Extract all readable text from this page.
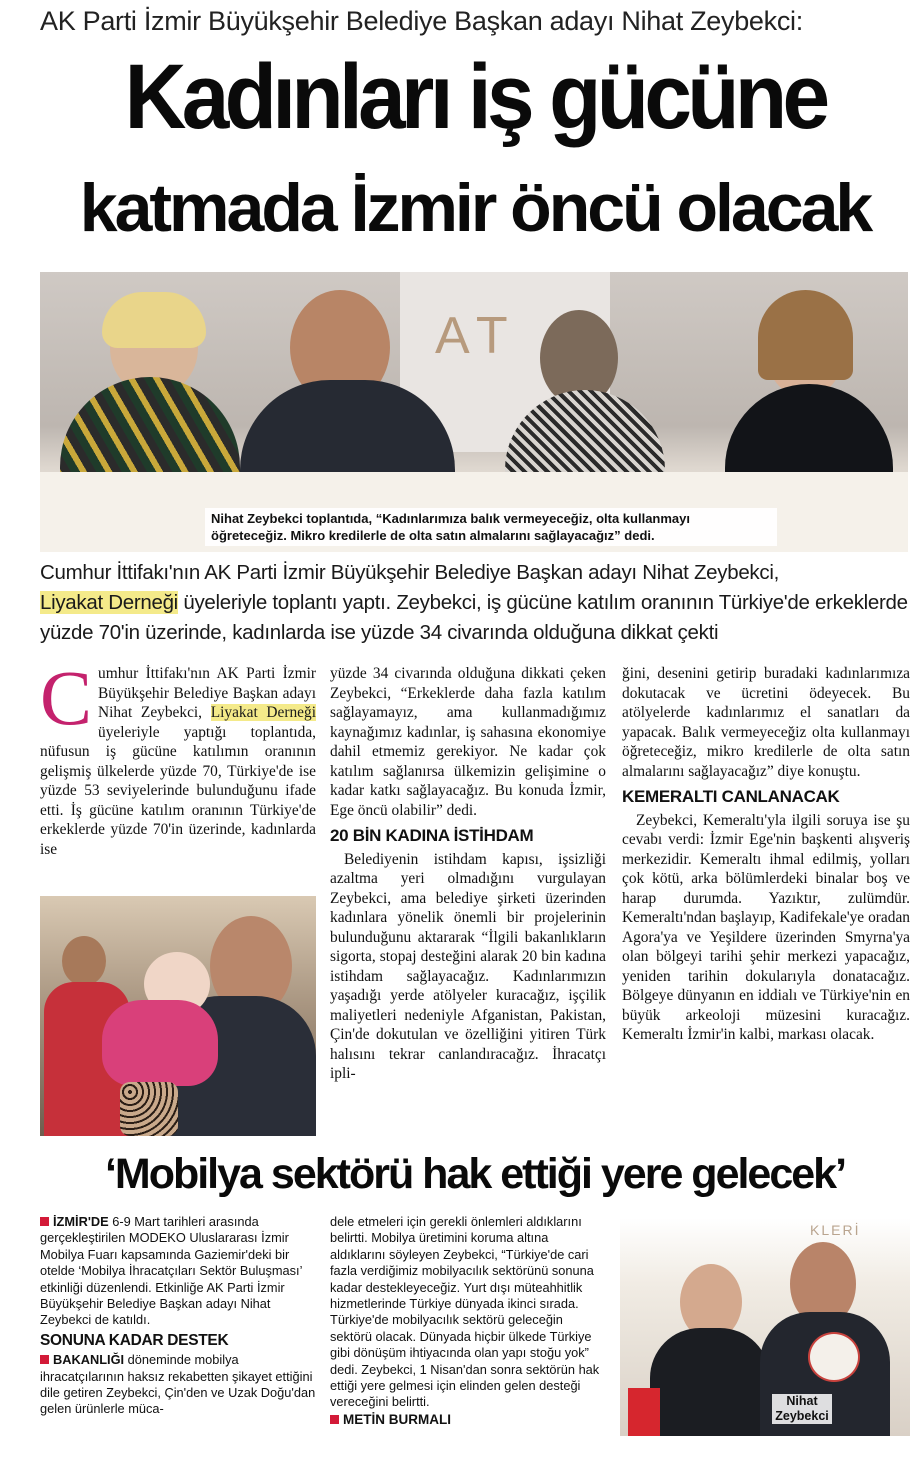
AK Parti İzmir Büyükşehir Belediye Başkan adayı Nihat Zeybekci:
Kadınları iş gücüne
katmada İzmir öncü olacak
AT
Nihat Zeybekci toplantıda, “Kadınlarımıza balık vermeyeceğiz, olta kullanmayı
öğreteceğiz. Mikro kredilerle de olta satın almalarını sağlayacağız” dedi.
Cumhur İttifakı'nın AK Parti İzmir Büyükşehir Belediye Başkan adayı Nihat Zeybekci,
Liyakat Derneği üyeleriyle toplantı yaptı. Zeybekci, iş gücüne katılım oranının Türkiye'de erkeklerde yüzde 70'in üzerinde, kadınlarda ise yüzde 34 civarında olduğuna dikkat çekti
Cumhur İttifakı'nın AK Parti İzmir Büyükşehir Belediye Başkan adayı Nihat Zeybekci, Liyakat Derneği üyeleriyle yaptığı toplantıda, nüfusun iş gücüne katılımın oranının gelişmiş ülkelerde yüzde 70, Türkiye'de ise yüzde 53 seviyelerinde bulunduğunu ifade etti. İş gücüne katılım oranının Türkiye'de erkeklerde yüzde 70'in üzerinde, kadınlarda ise
yüzde 34 civarında olduğuna dikkati çeken Zeybekci, “Erkeklerde daha fazla katılım sağlayamayız, ama kullanmadığımız kaynağımız kadınlar, iş sahasına ekonomiye dahil etmemiz gerekiyor. Ne kadar çok katılım sağlanırsa ülkemizin gelişimine o kadar katkı sağlayacağız. Bu konuda İzmir, Ege öncü olabilir” dedi.
20 BİN KADINA İSTİHDAM

Belediyenin istihdam kapısı, işsizliği azaltma yeri olmadığını vurgulayan Zeybekci, ama belediye şirketi üzerinden kadınlara yönelik önemli bir projelerinin bulunduğunu aktararak “İlgili bakanlıkların sigorta, stopaj desteğini alarak 20 bin kadına istihdam sağlayacağız. Kadınlarımızın yaşadığı yerde atölyeler kuracağız, işçilik maliyetleri nedeniyle Afganistan, Pakistan, Çin'de dokutulan ve özelliğini yitiren Türk halısını tekrar canlandıracağız. İhracatçı ipli-

ğini, desenini getirip buradaki kadınlarımıza dokutacak ve ücretini ödeyecek. Bu atölyelerde kadınlarımız el sanatları da yapacak. Balık vermeyeceğiz olta kullanmayı öğreteceğiz, mikro kredilerle de olta satın almalarını sağlayacağız” diye konuştu.
KEMERALTI CANLANACAK

Zeybekci, Kemeraltı'yla ilgili soruya ise şu cevabı verdi: İzmir Ege'nin başkenti alışveriş merkezidir. Kemeraltı ihmal edilmiş, yolları çok kötü, arka bölümlerdeki binalar boş ve harap durumda. Yazıktır, zulümdür. Kemeraltı'ndan başlayıp, Kadifekale'ye oradan Agora'ya ve Yeşildere üzerinden Smyrna'ya olan bölgeyi tarihi şehir merkezi yapacağız, yeniden tarihin dokularıyla donatacağız. Bölgeye dünyanın en iddialı ve Türkiye'nin en büyük arkeoloji müzesini kuracağız. Kemeraltı İzmir'in kalbi, markası olacak.

‘Mobilya sektörü hak ettiği yere gelecek’

İZMİR'DE 6-9 Mart tarihleri arasında gerçekleştirilen MODEKO Uluslararası İzmir Mobilya Fuarı kapsamında Gaziemir'deki bir otelde ‘Mobilya İhracatçıları Sektör Buluşması’ etkinliği düzenlendi. Etkinliğe AK Parti İzmir Büyükşehir Belediye Başkan adayı Nihat Zeybekci de katıldı.

SONUNA KADAR DESTEK

BAKANLIĞI döneminde mobilya ihracatçılarının haksız rekabetten şikayet ettiğini dile getiren Zeybekci, Çin'den ve Uzak Doğu'dan gelen ürünlerle müca-

dele etmeleri için gerekli önlemleri aldıklarını belirtti. Mobilya üretimini koruma altına aldıklarını söyleyen Zeybekci, “Türkiye'de cari fazla verdiğimiz mobilyacılık sektörünü sonuna kadar destekleyeceğiz. Yurt dışı müteahhitlik hizmetlerinde Türkiye dünyada ikinci sırada. Türkiye'de mobilyacılık sektörü geleceğin sektörü olacak. Dünyada hiçbir ülkede Türkiye gibi dönüşüm ihtiyacında olan yapı stoğu yok” dedi. Zeybekci, 1 Nisan'dan sonra sektörün hak ettiği yere gelmesi için elinden gelen desteği vereceğini belirtti.

METİN BURMALI
KLERİ
Nihat Zeybekci
